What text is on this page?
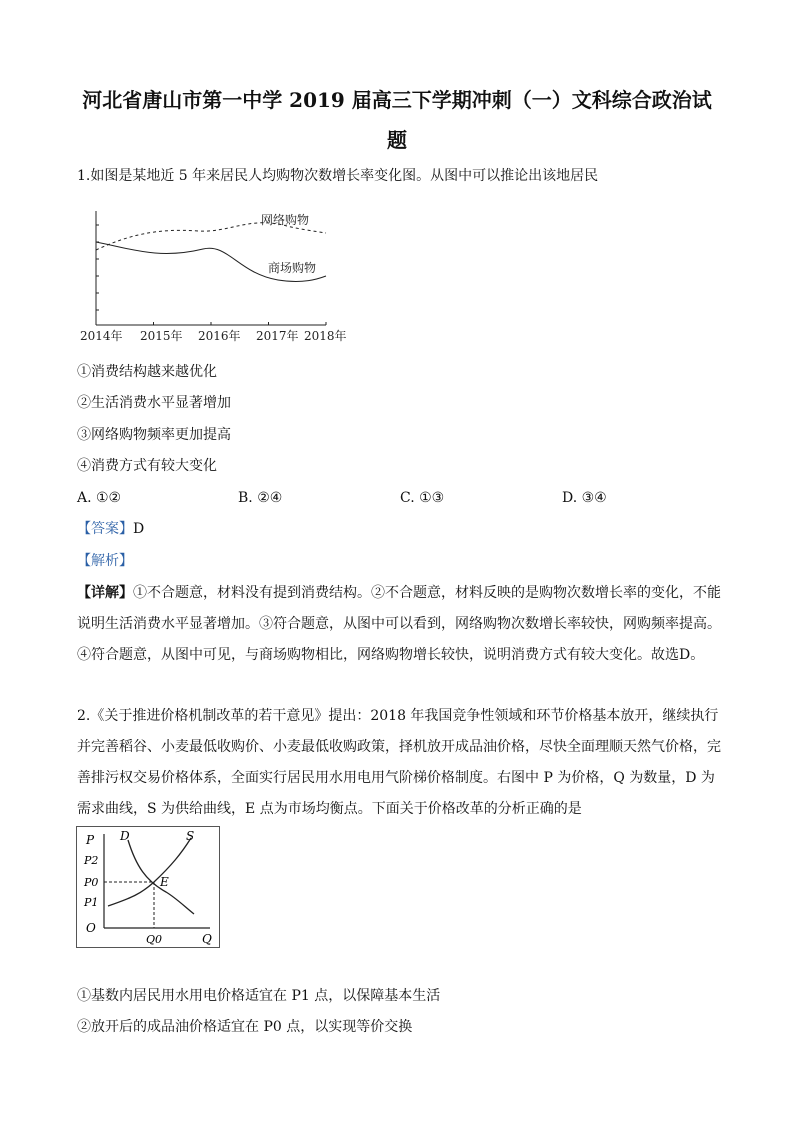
河北省唐山市第一中学 2019 届高三下学期冲刺（一）文科综合政治试
题
1.如图是某地近 5 年来居民人均购物次数增长率变化图。从图中可以推论出该地居民
网络购物
商场购物
2014年 2015年 2016年 2017年 2018年
①消费结构越来越优化
②生活消费水平显著增加
③网络购物频率更加提高
④消费方式有较大变化
A. ①②	B. ②④	C. ①③	D. ③④
【答案】D
【解析】
【详解】①不合题意，材料没有提到消费结构。②不合题意，材料反映的是购物次数增长率的变化，不能说明生活消费水平显著增加。③符合题意，从图中可以看到，网络购物次数增长率较快，网购频率提高。④符合题意，从图中可见，与商场购物相比，网络购物增长较快，说明消费方式有较大变化。故选D。
2.《关于推进价格机制改革的若干意见》提出：2018 年我国竞争性领域和环节价格基本放开，继续执行并完善稻谷、小麦最低收购价、小麦最低收购政策，择机放开成品油价格，尽快全面理顺天然气价格，完善排污权交易价格体系，全面实行居民用水用电用气阶梯价格制度。右图中 P 为价格，Q 为数量，D 为需求曲线，S 为供给曲线，E 点为市场均衡点。下面关于价格改革的分析正确的是
P
P2
P0
P1
O
D	S
E
Q0	Q
①基数内居民用水用电价格适宜在 P1 点，以保障基本生活
②放开后的成品油价格适宜在 P0 点，以实现等价交换
